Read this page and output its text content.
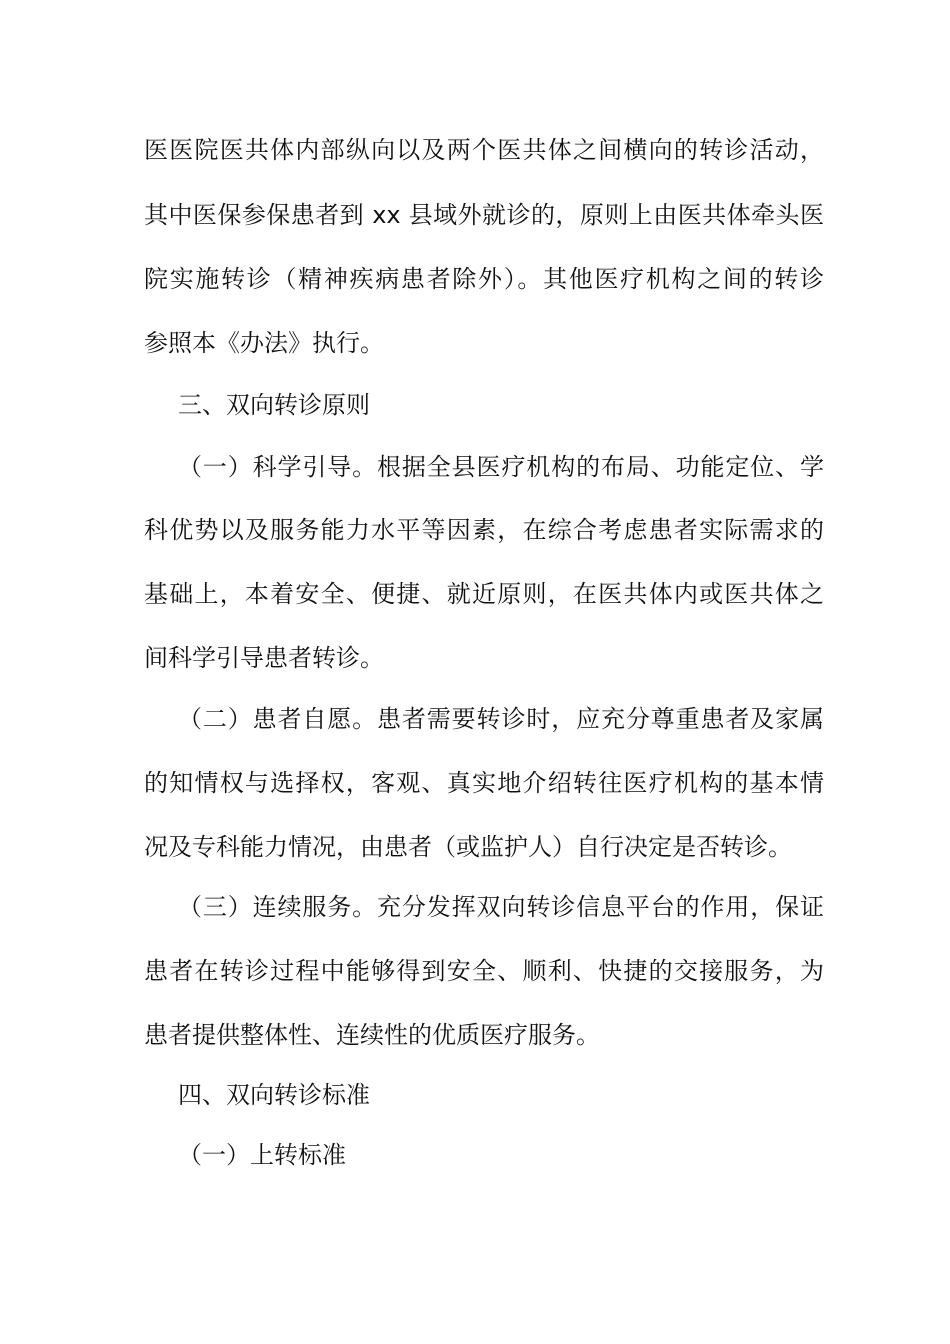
医医院医共体内部纵向以及两个医共体之间横向的转诊活动，
其中医保参保患者到 xx 县域外就诊的，原则上由医共体牵头医
院实施转诊（精神疾病患者除外）。其他医疗机构之间的转诊
参照本《办法》执行。
三、双向转诊原则
（一）科学引导。根据全县医疗机构的布局、功能定位、学
科优势以及服务能力水平等因素，在综合考虑患者实际需求的
基础上，本着安全、便捷、就近原则，在医共体内或医共体之
间科学引导患者转诊。
（二）患者自愿。患者需要转诊时，应充分尊重患者及家属
的知情权与选择权，客观、真实地介绍转往医疗机构的基本情
况及专科能力情况，由患者（或监护人）自行决定是否转诊。
（三）连续服务。充分发挥双向转诊信息平台的作用，保证
患者在转诊过程中能够得到安全、顺利、快捷的交接服务，为
患者提供整体性、连续性的优质医疗服务。
四、双向转诊标准
（一）上转标准
